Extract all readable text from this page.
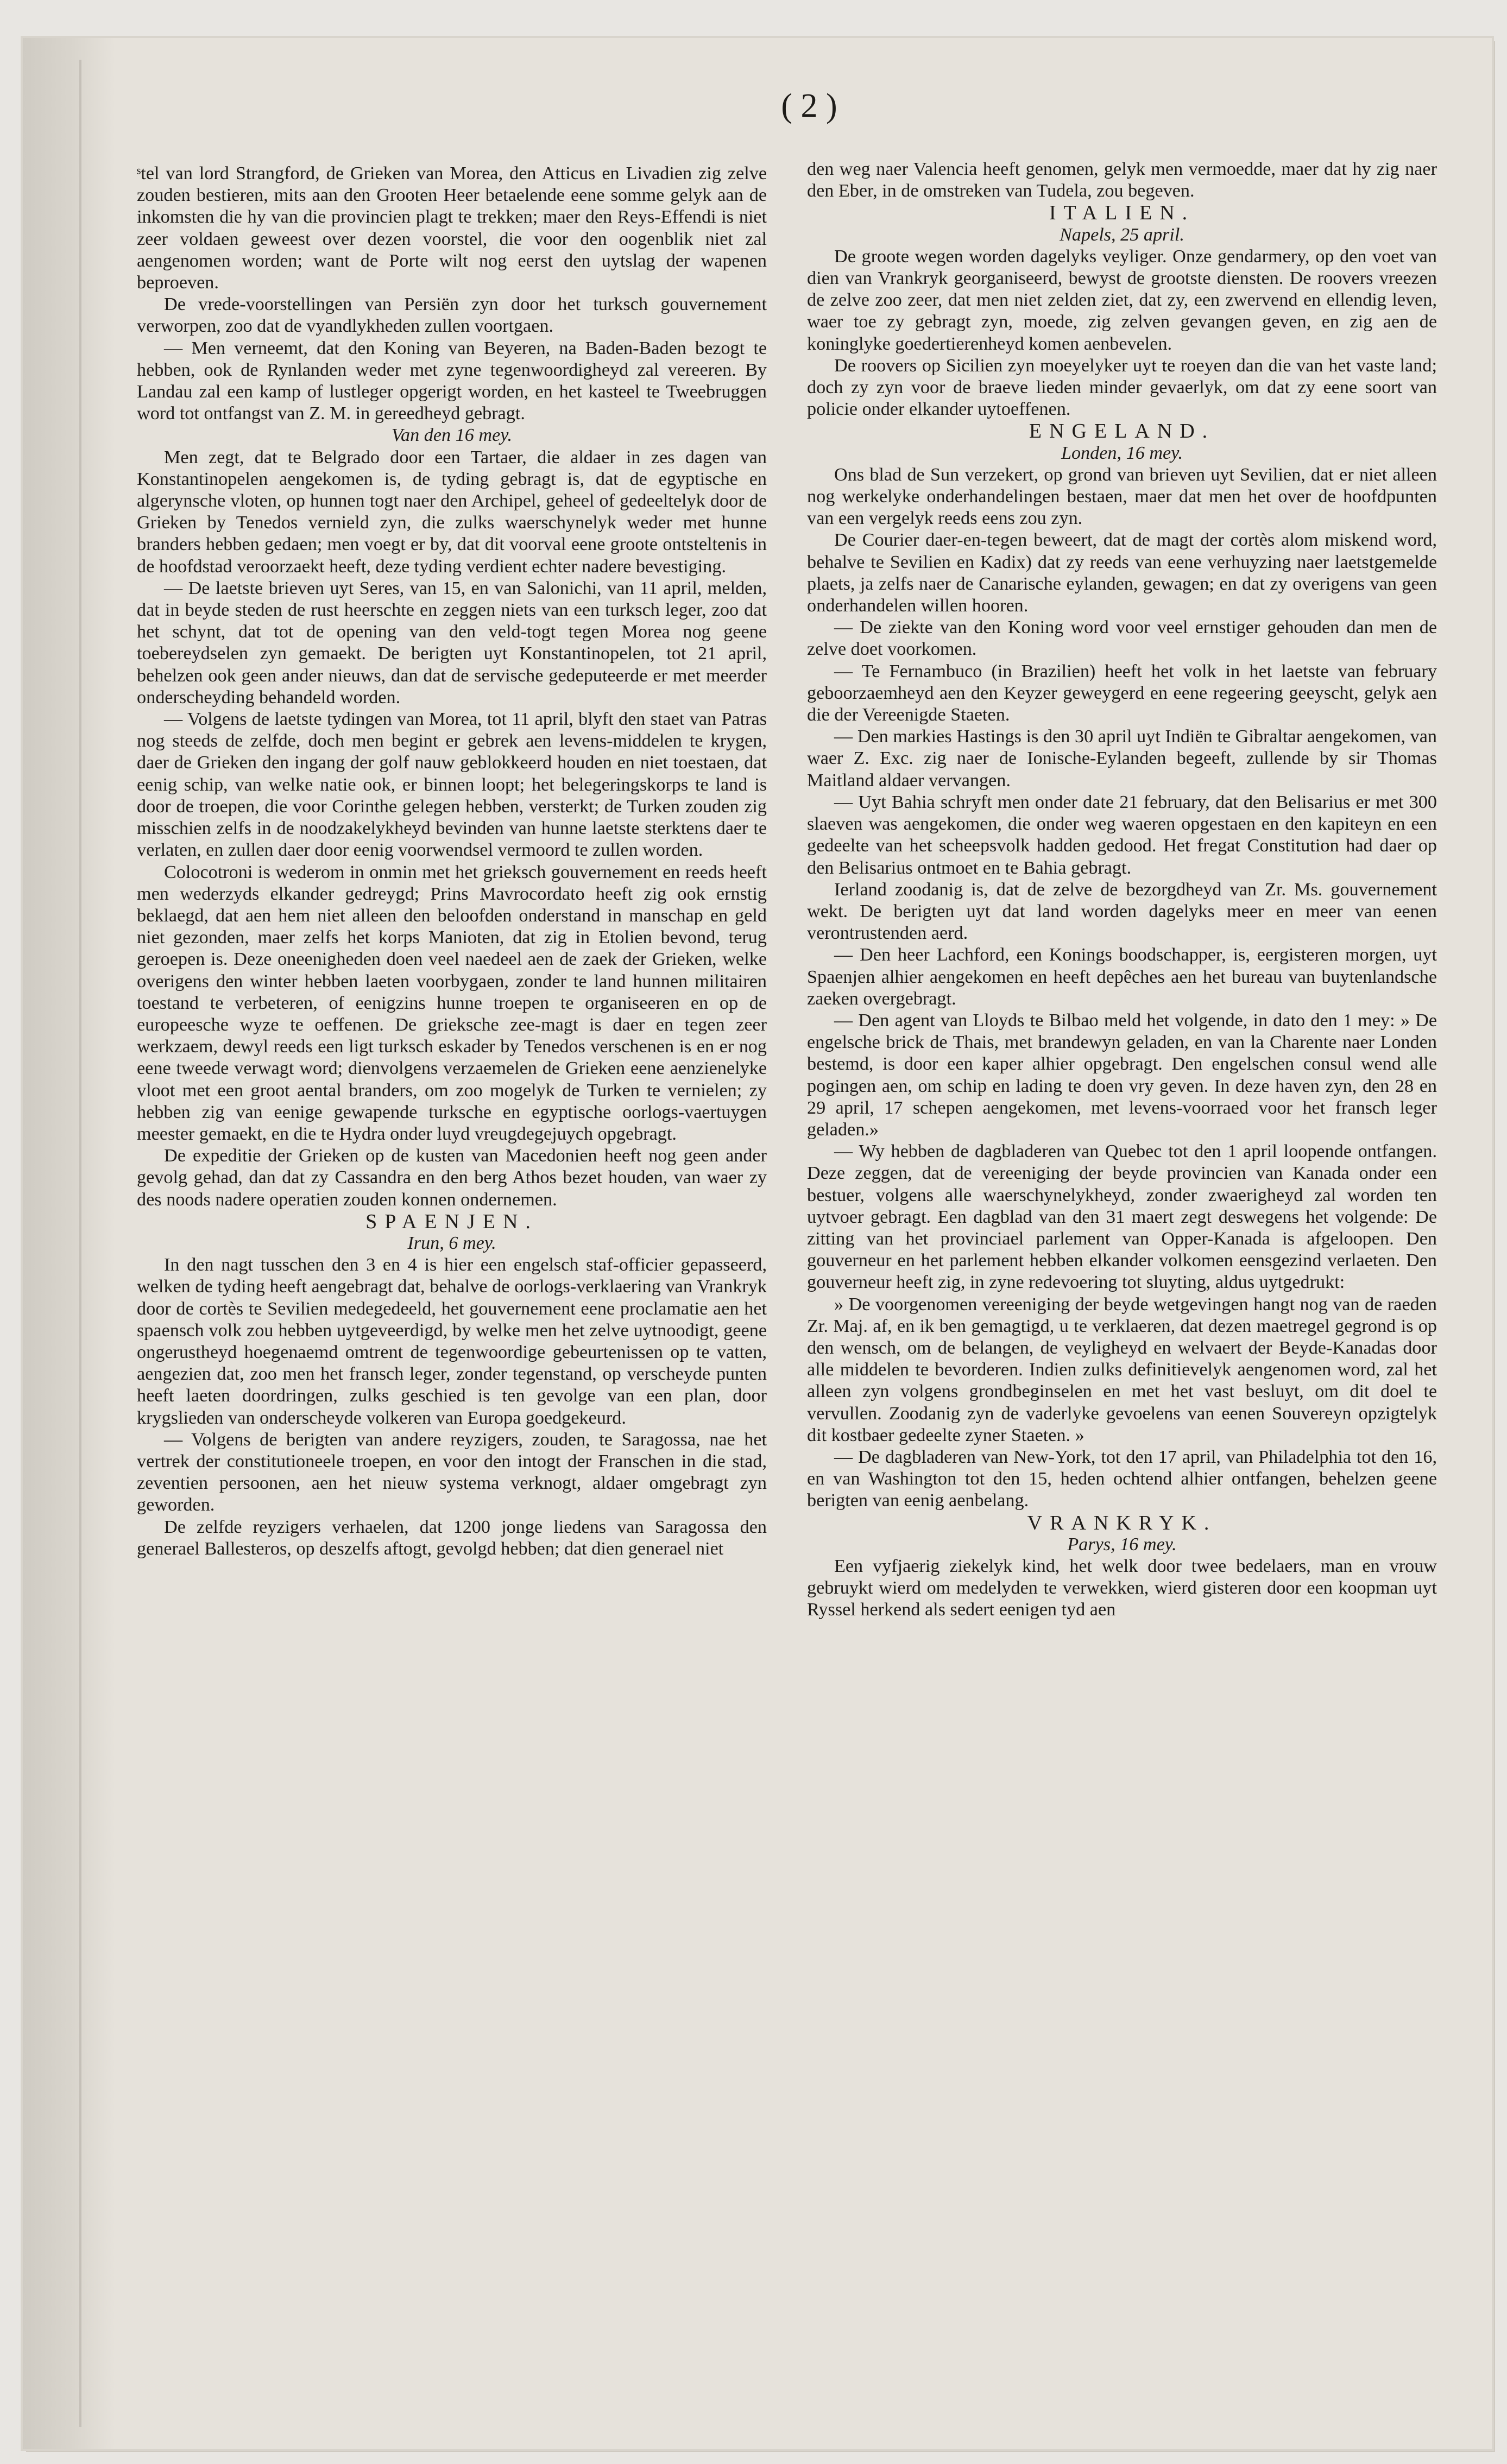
( 2 )

ˢtel van lord Strangford, de Grieken van Morea, den Atticus en Livadien zig zelve zouden bestieren, mits aan den Grooten Heer betaelende eene somme gelyk aan de inkomsten die hy van die provincien plagt te trekken; maer den Reys-Effendi is niet zeer voldaen geweest over dezen voorstel, die voor den oogenblik niet zal aengenomen worden; want de Porte wilt nog eerst den uytslag der wapenen beproeven.

De vrede-voorstellingen van Persiën zyn door het turksch gouvernement verworpen, zoo dat de vyandlykheden zullen voortgaen.

— Men verneemt, dat den Koning van Beyeren, na Baden-Baden bezogt te hebben, ook de Rynlanden weder met zyne tegenwoordigheyd zal vereeren. By Landau zal een kamp of lustleger opgerigt worden, en het kasteel te Tweebruggen word tot ontfangst van Z. M. in gereedheyd gebragt.

Van den 16 mey.

Men zegt, dat te Belgrado door een Tartaer, die aldaer in zes dagen van Konstantinopelen aengekomen is, de tyding gebragt is, dat de egyptische en algerynsche vloten, op hunnen togt naer den Archipel, geheel of gedeeltelyk door de Grieken by Tenedos vernield zyn, die zulks waerschynelyk weder met hunne branders hebben gedaen; men voegt er by, dat dit voorval eene groote ontsteltenis in de hoofdstad veroorzaekt heeft, deze tyding verdient echter nadere bevestiging.

— De laetste brieven uyt Seres, van 15, en van Salonichi, van 11 april, melden, dat in beyde steden de rust heerschte en zeggen niets van een turksch leger, zoo dat het schynt, dat tot de opening van den veld-togt tegen Morea nog geene toebereydselen zyn gemaekt. De berigten uyt Konstantinopelen, tot 21 april, behelzen ook geen ander nieuws, dan dat de servische gedeputeerde er met meerder onderscheyding behandeld worden.

— Volgens de laetste tydingen van Morea, tot 11 april, blyft den staet van Patras nog steeds de zelfde, doch men begint er gebrek aen levens-middelen te krygen, daer de Grieken den ingang der golf nauw geblokkeerd houden en niet toestaen, dat eenig schip, van welke natie ook, er binnen loopt; het belegeringskorps te land is door de troepen, die voor Corinthe gelegen hebben, versterkt; de Turken zouden zig misschien zelfs in de noodzakelykheyd bevinden van hunne laetste sterktens daer te verlaten, en zullen daer door eenig voorwendsel vermoord te zullen worden.

Colocotroni is wederom in onmin met het grieksch gouvernement en reeds heeft men wederzyds elkander gedreygd; Prins Mavrocordato heeft zig ook ernstig beklaegd, dat aen hem niet alleen den beloofden onderstand in manschap en geld niet gezonden, maer zelfs het korps Manioten, dat zig in Etolien bevond, terug geroepen is. Deze oneenigheden doen veel naedeel aen de zaek der Grieken, welke overigens den winter hebben laeten voorbygaen, zonder te land hunnen militairen toestand te verbeteren, of eenigzins hunne troepen te organiseeren en op de europeesche wyze te oeffenen. De grieksche zee-magt is daer en tegen zeer werkzaem, dewyl reeds een ligt turksch eskader by Tenedos verschenen is en er nog eene tweede verwagt word; dienvolgens verzaemelen de Grieken eene aenzienelyke vloot met een groot aental branders, om zoo mogelyk de Turken te vernielen; zy hebben zig van eenige gewapende turksche en egyptische oorlogs-vaertuygen meester gemaekt, en die te Hydra onder luyd vreugdegejuych opgebragt.

De expeditie der Grieken op de kusten van Macedonien heeft nog geen ander gevolg gehad, dan dat zy Cassandra en den berg Athos bezet houden, van waer zy des noods nadere operatien zouden konnen ondernemen.

SPAENJEN.

Irun, 6 mey.

In den nagt tusschen den 3 en 4 is hier een engelsch staf-officier gepasseerd, welken de tyding heeft aengebragt dat, behalve de oorlogs-verklaering van Vrankryk door de cortès te Sevilien medegedeeld, het gouvernement eene proclamatie aen het spaensch volk zou hebben uytgeveerdigd, by welke men het zelve uytnoodigt, geene ongerustheyd hoegenaemd omtrent de tegenwoordige gebeurtenissen op te vatten, aengezien dat, zoo men het fransch leger, zonder tegenstand, op verscheyde punten heeft laeten doordringen, zulks geschied is ten gevolge van een plan, door krygslieden van onderscheyde volkeren van Europa goedgekeurd.

— Volgens de berigten van andere reyzigers, zouden, te Saragossa, nae het vertrek der constitutioneele troepen, en voor den intogt der Franschen in die stad, zeventien persoonen, aen het nieuw systema verknogt, aldaer omgebragt zyn geworden.

De zelfde reyzigers verhaelen, dat 1200 jonge liedens van Saragossa den generael Ballesteros, op deszelfs aftogt, gevolgd hebben; dat dien generael niet

den weg naer Valencia heeft genomen, gelyk men vermoedde, maer dat hy zig naer den Eber, in de omstreken van Tudela, zou begeven.

ITALIEN.

Napels, 25 april.

De groote wegen worden dagelyks veyliger. Onze gendarmery, op den voet van dien van Vrankryk georganiseerd, bewyst de grootste diensten. De roovers vreezen de zelve zoo zeer, dat men niet zelden ziet, dat zy, een zwervend en ellendig leven, waer toe zy gebragt zyn, moede, zig zelven gevangen geven, en zig aen de koninglyke goedertierenheyd komen aenbevelen.

De roovers op Sicilien zyn moeyelyker uyt te roeyen dan die van het vaste land; doch zy zyn voor de braeve lieden minder gevaerlyk, om dat zy eene soort van policie onder elkander uytoeffenen.

ENGELAND.

Londen, 16 mey.

Ons blad de Sun verzekert, op grond van brieven uyt Sevilien, dat er niet alleen nog werkelyke onderhandelingen bestaen, maer dat men het over de hoofdpunten van een vergelyk reeds eens zou zyn.

De Courier daer-en-tegen beweert, dat de magt der cortès alom miskend word, behalve te Sevilien en Kadix) dat zy reeds van eene verhuyzing naer laetstgemelde plaets, ja zelfs naer de Canarische eylanden, gewagen; en dat zy overigens van geen onderhandelen willen hooren.

— De ziekte van den Koning word voor veel ernstiger gehouden dan men de zelve doet voorkomen.

— Te Fernambuco (in Brazilien) heeft het volk in het laetste van february geboorzaemheyd aen den Keyzer geweygerd en eene regeering geeyscht, gelyk aen die der Vereenigde Staeten.

— Den markies Hastings is den 30 april uyt Indiën te Gibraltar aengekomen, van waer Z. Exc. zig naer de Ionische-Eylanden begeeft, zullende by sir Thomas Maitland aldaer vervangen.

— Uyt Bahia schryft men onder date 21 february, dat den Belisarius er met 300 slaeven was aengekomen, die onder weg waeren opgestaen en den kapiteyn en een gedeelte van het scheepsvolk hadden gedood. Het fregat Constitution had daer op den Belisarius ontmoet en te Bahia gebragt.

Ierland zoodanig is, dat de zelve de bezorgdheyd van Zr. Ms. gouvernement wekt. De berigten uyt dat land worden dagelyks meer en meer van eenen verontrustenden aerd.

— Den heer Lachford, een Konings boodschapper, is, eergisteren morgen, uyt Spaenjen alhier aengekomen en heeft depêches aen het bureau van buytenlandsche zaeken overgebragt.

— Den agent van Lloyds te Bilbao meld het volgende, in dato den 1 mey: » De engelsche brick de Thais, met brandewyn geladen, en van la Charente naer Londen bestemd, is door een kaper alhier opgebragt. Den engelschen consul wend alle pogingen aen, om schip en lading te doen vry geven. In deze haven zyn, den 28 en 29 april, 17 schepen aengekomen, met levens-voorraed voor het fransch leger geladen.»

— Wy hebben de dagbladeren van Quebec tot den 1 april loopende ontfangen. Deze zeggen, dat de vereeniging der beyde provincien van Kanada onder een bestuer, volgens alle waerschynelykheyd, zonder zwaerigheyd zal worden ten uytvoer gebragt. Een dagblad van den 31 maert zegt deswegens het volgende: De zitting van het provinciael parlement van Opper-Kanada is afgeloopen. Den gouverneur en het parlement hebben elkander volkomen eensgezind verlaeten. Den gouverneur heeft zig, in zyne redevoering tot sluyting, aldus uytgedrukt:

» De voorgenomen vereeniging der beyde wetgevingen hangt nog van de raeden Zr. Maj. af, en ik ben gemagtigd, u te verklaeren, dat dezen maetregel gegrond is op den wensch, om de belangen, de veyligheyd en welvaert der Beyde-Kanadas door alle middelen te bevorderen. Indien zulks definitievelyk aengenomen word, zal het alleen zyn volgens grondbeginselen en met het vast besluyt, om dit doel te vervullen. Zoodanig zyn de vaderlyke gevoelens van eenen Souvereyn opzigtelyk dit kostbaer gedeelte zyner Staeten. »

— De dagbladeren van New-York, tot den 17 april, van Philadelphia tot den 16, en van Washington tot den 15, heden ochtend alhier ontfangen, behelzen geene berigten van eenig aenbelang.

VRANKRYK.

Parys, 16 mey.

Een vyfjaerig ziekelyk kind, het welk door twee bedelaers, man en vrouw gebruykt wierd om medelyden te verwekken, wierd gisteren door een koopman uyt Ryssel herkend als sedert eenigen tyd aen
